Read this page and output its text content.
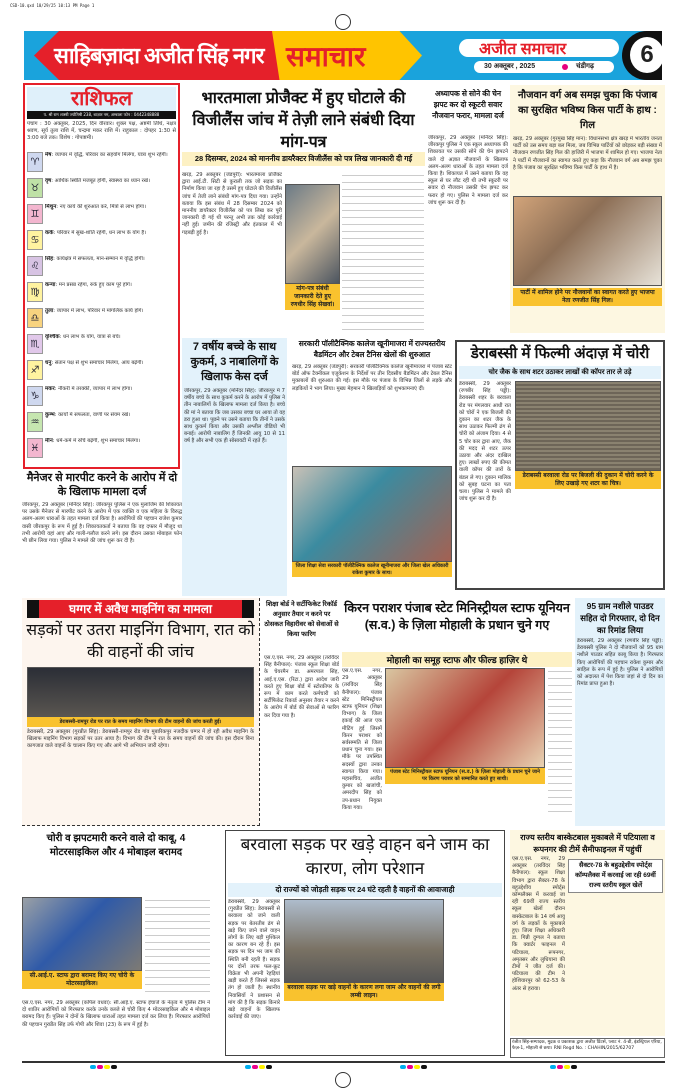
CSD-10.qxd 10/29/25 10:13 PM Page 1
साहिबज़ादा अजीत सिंह नगर समाचार	अजीत समाचार
30 अक्तूबर , 2025	चंडीगढ़	6
राशिफल
प. श्री राम शास्त्री ज्योतिषी 238, बाज़ार नम, अम्बाला फोन : 0442348888
पंचांग : 30 अक्तूबर, 2025, दिन वीरवार। शुक्ल पक्ष, अष्टमी तिथि, नक्षत्र श्रवण, सूर्य तुला राशि में, चन्द्रमा मकर राशि में। राहुकाल : दोपहर 1:30 से 3:00 बजे तक। विशेष : गोपाष्टमी।
♈
मेष: व्यापार में वृद्धि, परिवार का सहयोग मिलेगा, यात्रा शुभ रहेगी।
♉
वृष: आर्थिक स्थिति मजबूत होगी, स्वास्थ्य का ध्यान रखें।
♊
मिथुन: नए कार्य की शुरुआत करें, मित्रों से लाभ होगा।
♋
कर्क: परिवार में सुख-शांति रहेगी, धन लाभ के योग हैं।
♌
सिंह: कार्यक्षेत्र में सफलता, मान-सम्मान में वृद्धि होगी।
♍
कन्या: मन प्रसन्न रहेगा, रुके हुए काम पूरे होंगे।
♎
तुला: व्यापार में लाभ, परिवार में मांगलिक कार्य होंगे।
♏
वृश्चिक: धन लाभ के योग, यात्रा से बचें।
♐
धनु: संतान पक्ष से शुभ समाचार मिलेगा, आय बढ़ेगी।
♑
मकर: नौकरी में तरक्की, व्यापार में लाभ होगा।
♒
कुम्भ: कार्यों में सफलता, वाणी पर संयम रखें।
♓
मीन: धर्म-कर्म में रुचि बढ़ेगी, शुभ समाचार मिलेगा।
मैनेजर से मारपीट करने के आरोप में दो के खिलाफ मामला दर्ज
जीरकपुर, 29 अक्तूबर (मनिंदर सिंह): जीरकपुर पुलिस ने एक मुलाजिम की शिकायत पर उसके मैनेजर से मारपीट करने के आरोप में एक व्यक्ति व एक महिला के विरुद्ध अलग-अलग धाराओं के तहत मामला दर्ज किया है। आरोपियों की पहचान राजेश कुमार वासी जीरकपुर के रूप में हुई है। शिकायतकर्ता ने बताया कि वह दफ्तर में मौजूद था तभी आरोपी वहां आए और गाली-गलौज करने लगे। इस दौरान उसका मोबाइल फोन भी छीन लिया गया। पुलिस ने मामले की जांच शुरू कर दी है।
भारतमाला प्रोजैक्ट में हुए घोटाले की विजीलैंस जांच में तेज़ी लाने संबंधी दिया मांग-पत्र
28 दिसम्बर, 2024 को माननीय डायरैक्टर विजीलैंस को पत्र लिख जानकारी दी गई
खरड़, 29 अक्तूबर (जंडपुरी): भारतमाला प्रोजैक्ट द्वारा आई.टी. सिटी से कुराली तक जो सड़क का निर्माण किया जा रहा है उसमें हुए घोटाले की विजीलैंस जांच में तेजी लाने संबंधी मांग-पत्र दिया गया। उन्होंने बताया कि इस संबंध में 28 दिसम्बर 2024 को माननीय डायरैक्टर विजीलैंस को पत्र लिख कर पूरी जानकारी दी गई थी परन्तु अभी तक कोई कार्रवाई नहीं हुई। जमीन की रजिस्ट्री और इंतकाल में भी गड़बड़ी हुई है।
मांग-पत्र संबंधी जानकारी देते हुए रणधीर सिंह सेखवां।
अध्यापक से सोने की चेन झपट कर दो स्कूटरी सवार नौजवान फरार, मामला दर्ज
जीरकपुर, 29 अक्तूबर (मनिंदर सिंह): जीरकपुर पुलिस ने एक स्कूल अध्यापक की शिकायत पर उसकी सोने की चेन झपटने वाले दो अज्ञात नौजवानों के खिलाफ अलग-अलग धाराओं के तहत मामला दर्ज किया है। शिकायत में उसने बताया कि वह स्कूल से घर लौट रही थी तभी स्कूटरी पर सवार दो नौजवान उसकी चेन झपट कर फरार हो गए। पुलिस ने मामला दर्ज कर जांच शुरू कर दी है।
नौजवान वर्ग अब समझ चुका कि पंजाब का सुरक्षित भविष्य किस पार्टी के हाथ : गिल
खरड़, 29 अक्तूबर (गुरमुख सिंह मान): विधानसभा क्षेत्र खरड़ में भारतीय जनता पार्टी को उस समय बड़ा बल मिला, जब विभिन्न पार्टियों को छोड़कर बड़ी संख्या में नौजवान रणजीत सिंह गिल की हाजिरी में भाजपा में शामिल हो गए। भाजपा नेता ने पार्टी में नौजवानों का स्वागत करते हुए कहा कि नौजवान वर्ग अब समझ चुका है कि पंजाब का सुरक्षित भविष्य किस पार्टी के हाथ में है।
पार्टी में शामिल होने पर नौजवानों का स्वागत करते हुए भाजपा नेता रणजीत सिंह गिल।
7 वर्षीय बच्चे के साथ कुकर्म, 3 नाबालिगों के खिलाफ केस दर्ज
जीरकपुर, 29 अक्तूबर (मनिंदर सिंह): जीरकपुर में 7 वर्षीय बच्चे के साथ कुकर्म करने के आरोप में पुलिस ने तीन नाबालिगों के खिलाफ मामला दर्ज किया है। बच्चे की मां ने बताया कि जब उसका बच्चा घर आया तो वह डरा हुआ था। पूछने पर उसने बताया कि तीनों ने उसके साथ कुकर्म किया और उसकी अश्लील वीडियो भी बनाई। आरोपी नाबालिग हैं जिनकी आयु 10 से 11 वर्ष है और सभी एक ही सोसायटी में रहते हैं।
सरकारी पॉलीटैक्निक कालेज खूनीमाजरा में राज्यस्तरीय बैडमिंटन और टेबल टैनिस खेलों की शुरुआत
खरड़, 29 अक्तूबर (जंडपुरी): सरकारी पॉलीटैक्निक कालेज खूनीमाजरा में पंजाब स्टेट बोर्ड ऑफ टैक्नीकल एजुकेशन के निर्देशों पर तीन दिवसीय बैडमिंटन और टेबल टैनिस मुकाबलों की शुरुआत की गई। इस मौके पर पंजाब के विभिन्न जिलों से लड़के और लड़कियों ने भाग लिया। मुख्य मेहमान ने खिलाड़ियों को शुभकामनाएं दीं।
जिला शिक्षा सेवा सरकारी पॉलीटैक्निक कालेज खूनीमाजरा और जिला खेल अधिकारी राकेश कुमार के साथ।
डेराबस्सी में फिल्मी अंदाज़ में चोरी
चोर जैक के साथ शटर उठाकर लाखों की कॉपर तार ले उड़े
डेराबस्सी, 29 अक्तूबर (रणबीर सिंह पड्डी): डेराबस्सी शहर के बरवाला रोड पर मंगलवार आधी रात को चोरों ने एक बिजली की दुकान का शटर जैक के साथ उठाकर फिल्मी ढंग से चोरी को अंजाम दिया। 4 से 5 चोर कार द्वारा आए, जैक की मदद से शटर ऊपर उठाया और अंदर दाखिल हुए। लाखों रुपए की कीमत वाली कॉपर की तारों के बंडल ले गए। दुकान मालिक को सुबह घटना का पता चला। पुलिस ने मामले की जांच शुरू कर दी है।
डेराबस्सी बरवाला रोड पर बिजली की दुकान में चोरी करने के लिए उखाड़े गए शटर का चित्र।
घग्गर में अवैध माइनिंग का मामला
सड़कों पर उतरा माइनिंग विभाग, रात को की वाहनों की जांच
डेराबस्सी-रामपुर रोड पर रात के समय माइनिंग विभाग की टीम वाहनों की जांच करती हुई।
डेराबस्सी, 29 अक्तूबर (गुरप्रीत सिंह): डेराबस्सी-रामपुर रोड गांव मुबारिकपुर नजदीक घग्गर में हो रही अवैध माइनिंग के खिलाफ माइनिंग विभाग सड़कों पर उतर आया है। विभाग की टीम ने रात के समय वाहनों की जांच की। इस दौरान बिना कागजात वाले वाहनों के चालान किए गए और आगे भी अभियान जारी रहेगा।
शिक्षा बोर्ड ने सर्टीफिकेट रिकॉर्ड अनुसार तैयार न करने पर ठोसकत विहारीवर को सेवाओं से किया फारिग
एस.ए.एस. नगर, 29 अक्तूबर (तरविंदर सिंह बैनीपाल): पंजाब स्कूल शिक्षा बोर्ड के चेयरमैन डा. अमरपाल सिंह, आई.ए.एस. (रिटा.) द्वारा आदेश जारी करते हुए शिक्षा बोर्ड में स्टोरकीपर के रूप में काम करते कर्मचारी को सर्टीफिकेट रिकार्ड अनुसार तैयार न करने के आरोप में बोर्ड की सेवाओं से फारिग कर दिया गया है।
किरन पराशर पंजाब स्टेट मिनिस्ट्रीयल स्टाफ यूनियन (स.व.) के ज़िला मोहाली के प्रधान चुने गए
मोहाली का समूह स्टाफ और फील्ड हाज़िर थे
एस.ए.एस. नगर, 29 अक्तूबर (तरविंदर सिंह बैनीपाल): पंजाब स्टेट मिनिस्ट्रीयल स्टाफ यूनियन (शिक्षा विभाग) के जिला इकाई की आज एक मीटिंग हुई जिसमें किरन पराशर को सर्वसम्मति से जिला प्रधान चुना गया। इस मौके पर उपस्थित सदस्यों द्वारा उनका स्वागत किया गया। महासचिव, अजीत कुमार को खजांची, अमरदीप सिंह को उप-प्रधान नियुक्त किया गया।
पंजाब स्टेट मिनिस्ट्रीयल स्टाफ यूनियन (स.व.) के ज़िला मोहाली के प्रधान चुने जाने पर किरण पराशर को सम्मानित करते हुए साथी।
95 ग्राम नशीले पाउडर सहित दो गिरफ्तार, दो दिन का रिमांड लिया
डेराबस्सी, 29 अक्तूबर (रणबीर सिंह पड्डी): डेराबस्सी पुलिस ने दो नौजवानों को 95 ग्राम नशीले पाउडर सहित काबू किया है। गिरफ्तार किए आरोपियों की पहचान राकेश कुमार और साहिल के रूप में हुई है। पुलिस ने आरोपियों को अदालत में पेश किया जहां से दो दिन का रिमांड प्राप्त हुआ है।
चोरी व झपटमारी करने वाले दो काबू, 4 मोटरसाइकिल और 4 मोबाइल बरामद
सी.आई.ए. स्टाफ द्वारा बरामद किए गए चोरी के मोटरसाइकिल।
एस.ए.एस. नगर, 29 अक्तूबर (कपिल वधवा): सी.आई.ए. स्टाफ इंचार्ज के नेतृत्व में पुलिस टीम ने दो शातिर आरोपियों को गिरफ्तार करके उनके कब्जे से चोरी किए 4 मोटरसाइकिल और 4 मोबाइल बरामद किए हैं। पुलिस ने दोनों के खिलाफ धाराओं तहत मामला दर्ज कर लिया है। गिरफ्तार आरोपियों की पहचान गुरप्रीत सिंह उर्फ गोपी और शिवा (23) के रूप में हुई है।
बरवाला सड़क पर खड़े वाहन बने जाम का कारण, लोग परेशान
दो राज्यों को जोड़ती सड़क पर 24 घंटे रहती है वाहनों की आवाजाही
डेराबस्सी, 29 अक्तूबर (गुरप्रीत सिंह): डेराबस्सी से बरवाला को जाने वाली सड़क पर बेतरतीब ढंग से खड़े किए जाने वाले वाहन लोगों के लिए बड़ी मुश्किल का कारण बन रहे हैं। इस सड़क पर दिन भर जाम की स्थिति बनी रहती है। सड़क पर दोनों तरफ फल-फ्रूट विक्रेता भी अपनी रेहड़ियां खड़ी करते हैं जिससे सड़क तंग हो जाती है। स्थानीय निवासियों ने प्रशासन से मांग की है कि सड़क किनारे खड़े वाहनों के खिलाफ कार्रवाई की जाए।
बरवाला सड़क पर खड़े वाहनों के कारण लगा जाम और वाहनों की लगी लम्बी लाइन।
राज्य स्तरीय बास्केटबाल मुकाबले में पटियाला व रूपनगर की टीमें सैमीफाइनल में पहुंचीं
सैक्टर-78 के बहुउद्देशीय स्पोर्ट्स कॉम्पलैक्स में करवाई जा रही 69वीं राज्य स्तरीय स्कूल खेलें
एस.ए.एस. नगर, 29 अक्तूबर (तरविंदर सिंह बैनीपाल): स्कूल शिक्षा विभाग द्वारा सैक्टर-78 के बहुउद्देशीय स्पोर्ट्स कॉम्पलैक्स में करवाई जा रही 69वीं राज्य स्तरीय स्कूल खेलों दौरान बास्केटबाल के 14 वर्ष आयु वर्ग के लड़कों के मुकाबले हुए। जिला शिक्षा अधिकारी डा. गिन्नी दुग्गल ने बताया कि क्वार्टर फाइनल में पटियाला, रूपनगर, अमृतसर और लुधियाना की टीमों ने जीत दर्ज की। पटियाला की टीम ने होशियारपुर को 62-53 के अंतर से हराया।
रंजीत सिंह-सम्पादक, मुद्रक व प्रकाशक द्वारा अजीत प्रिंटर्स, प्लाट नं. 4-डी, इंडस्ट्रियल एरिया, फेज़-1, मोहाली से छपा। RNI Regd No. : CHAHIN/2015/62707
